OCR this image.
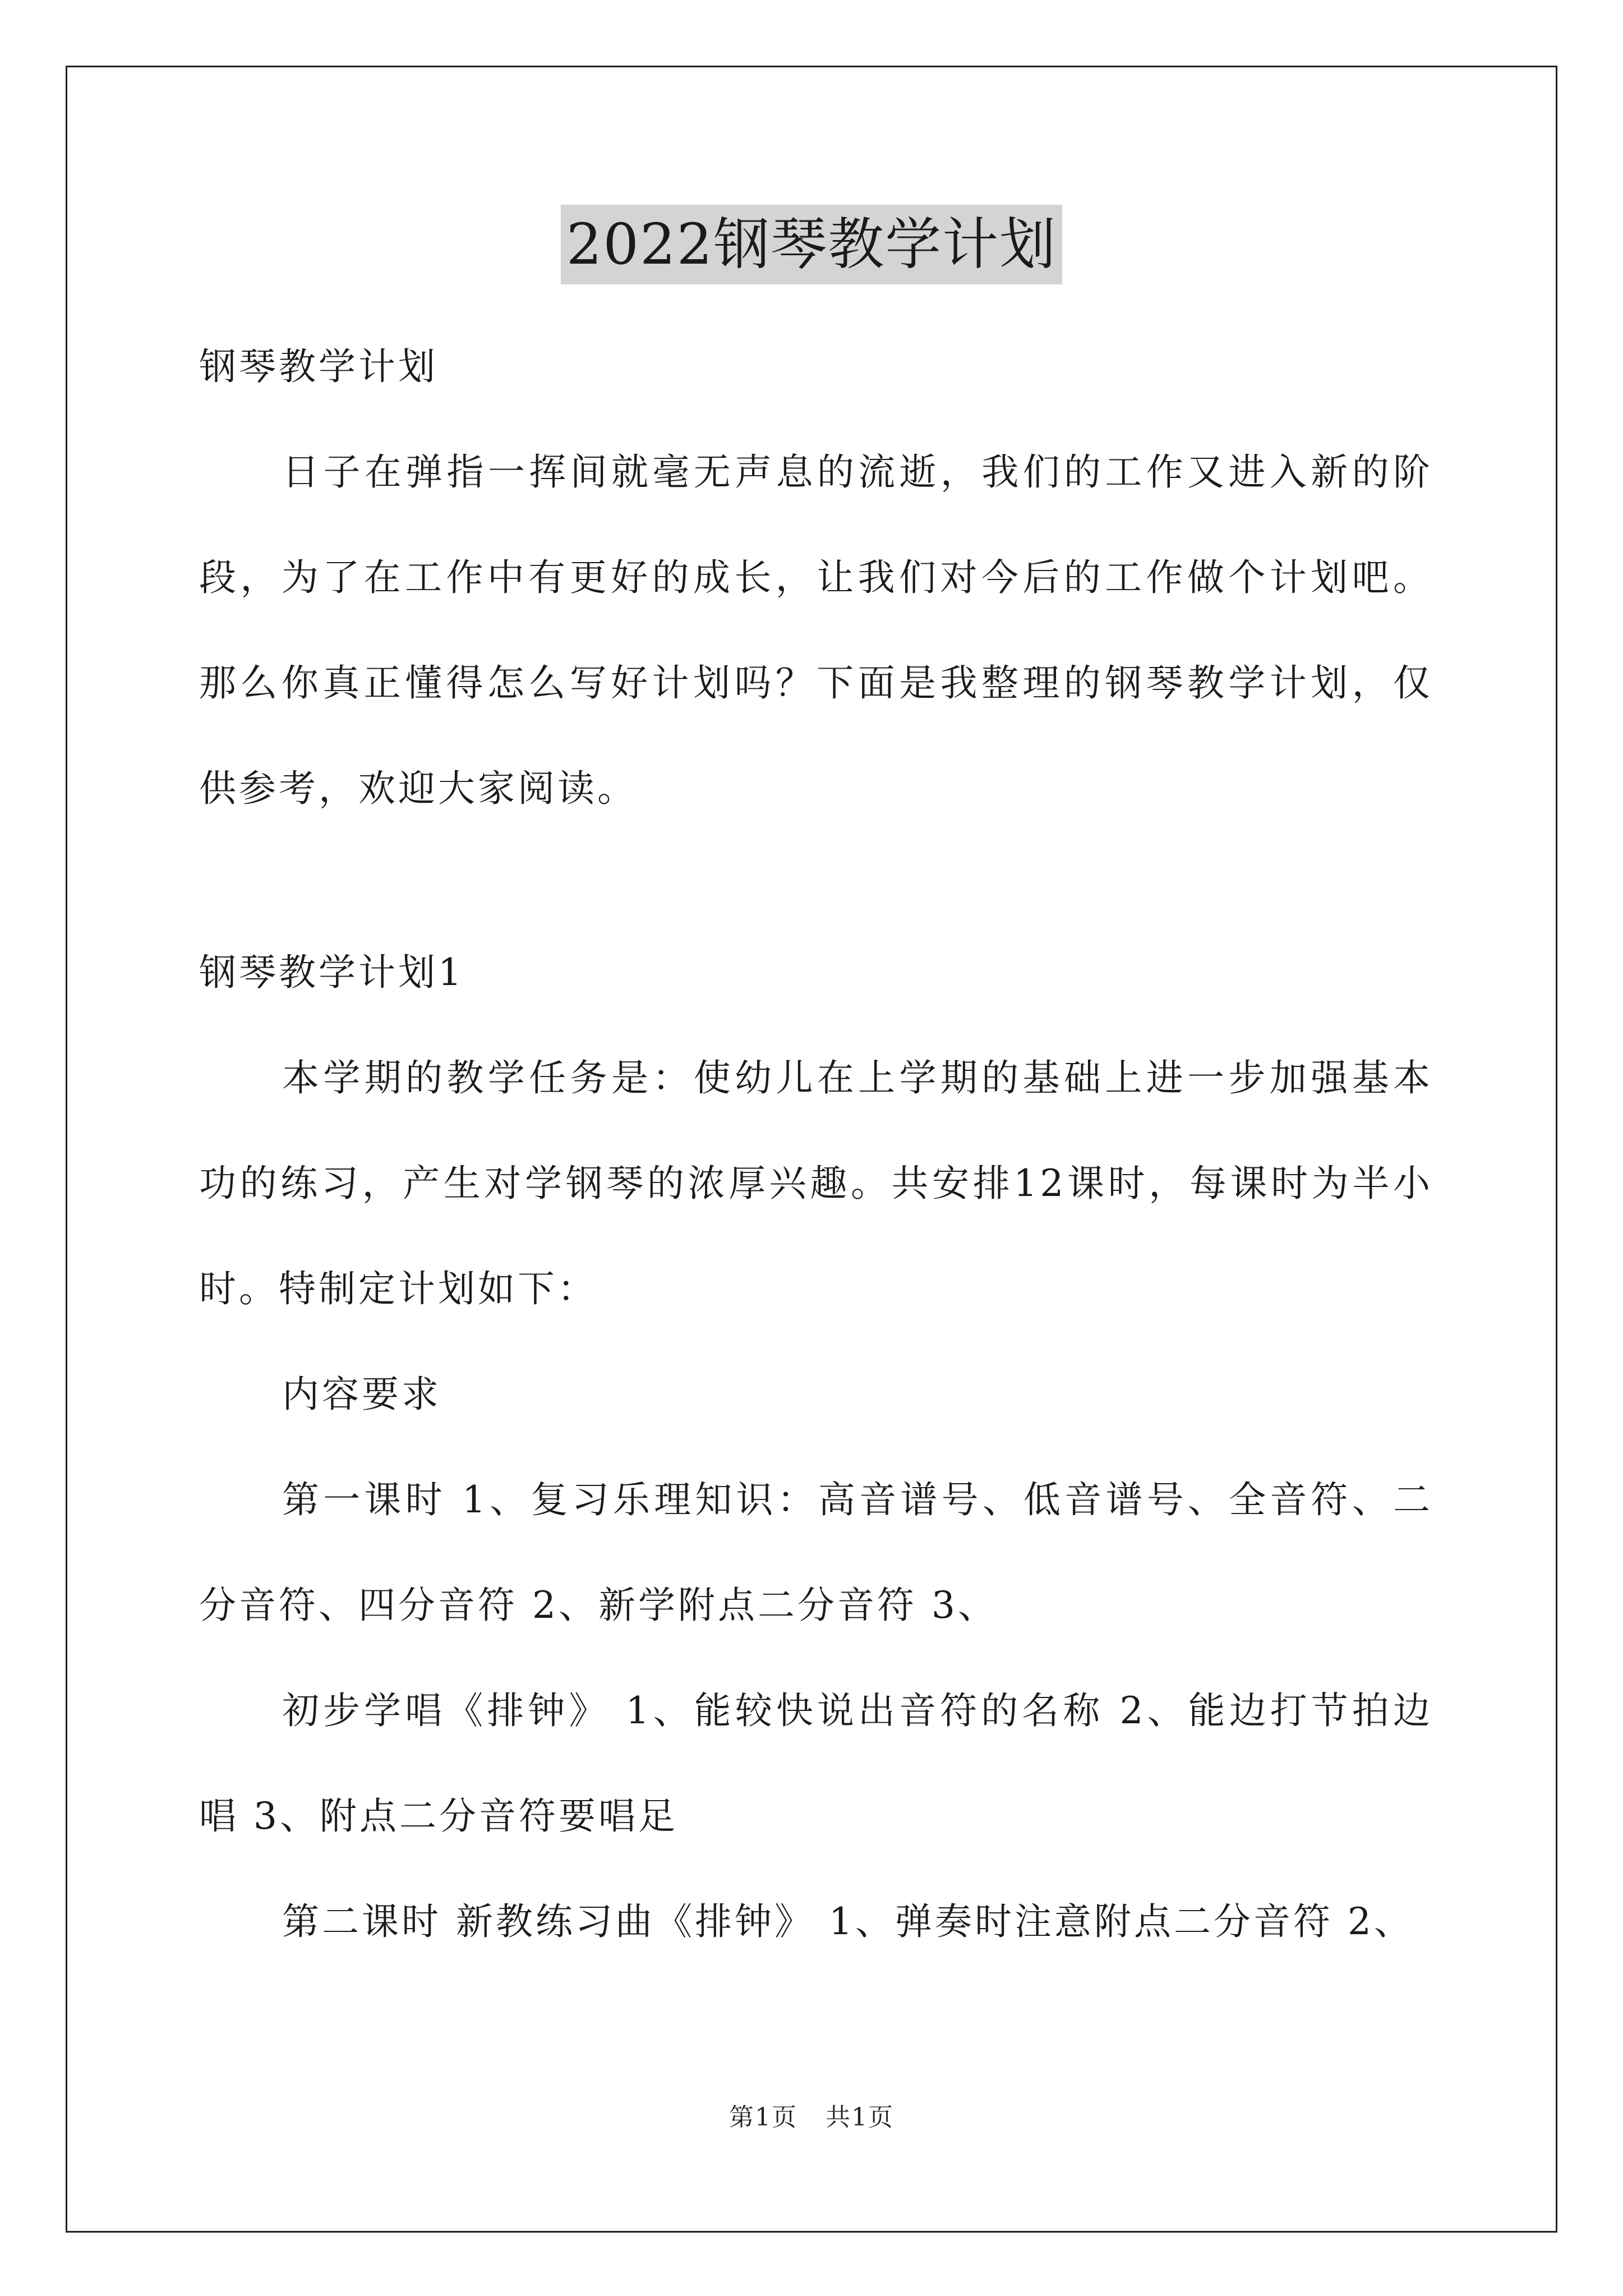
2022钢琴教学计划

钢琴教学计划

日子在弹指一挥间就毫无声息的流逝，我们的工作又进入新的阶段，为了在工作中有更好的成长，让我们对今后的工作做个计划吧。那么你真正懂得怎么写好计划吗？下面是我整理的钢琴教学计划，仅供参考，欢迎大家阅读。

钢琴教学计划1

本学期的教学任务是：使幼儿在上学期的基础上进一步加强基本功的练习，产生对学钢琴的浓厚兴趣。共安排12课时，每课时为半小时。特制定计划如下：

内容要求

第一课时 1、复习乐理知识：高音谱号、低音谱号、全音符、二分音符、四分音符 2、新学附点二分音符 3、

初步学唱《排钟》 1、能较快说出音符的名称 2、能边打节拍边唱 3、附点二分音符要唱足

第二课时 新教练习曲《排钟》 1、弹奏时注意附点二分音符 2、

第1页 共1页
